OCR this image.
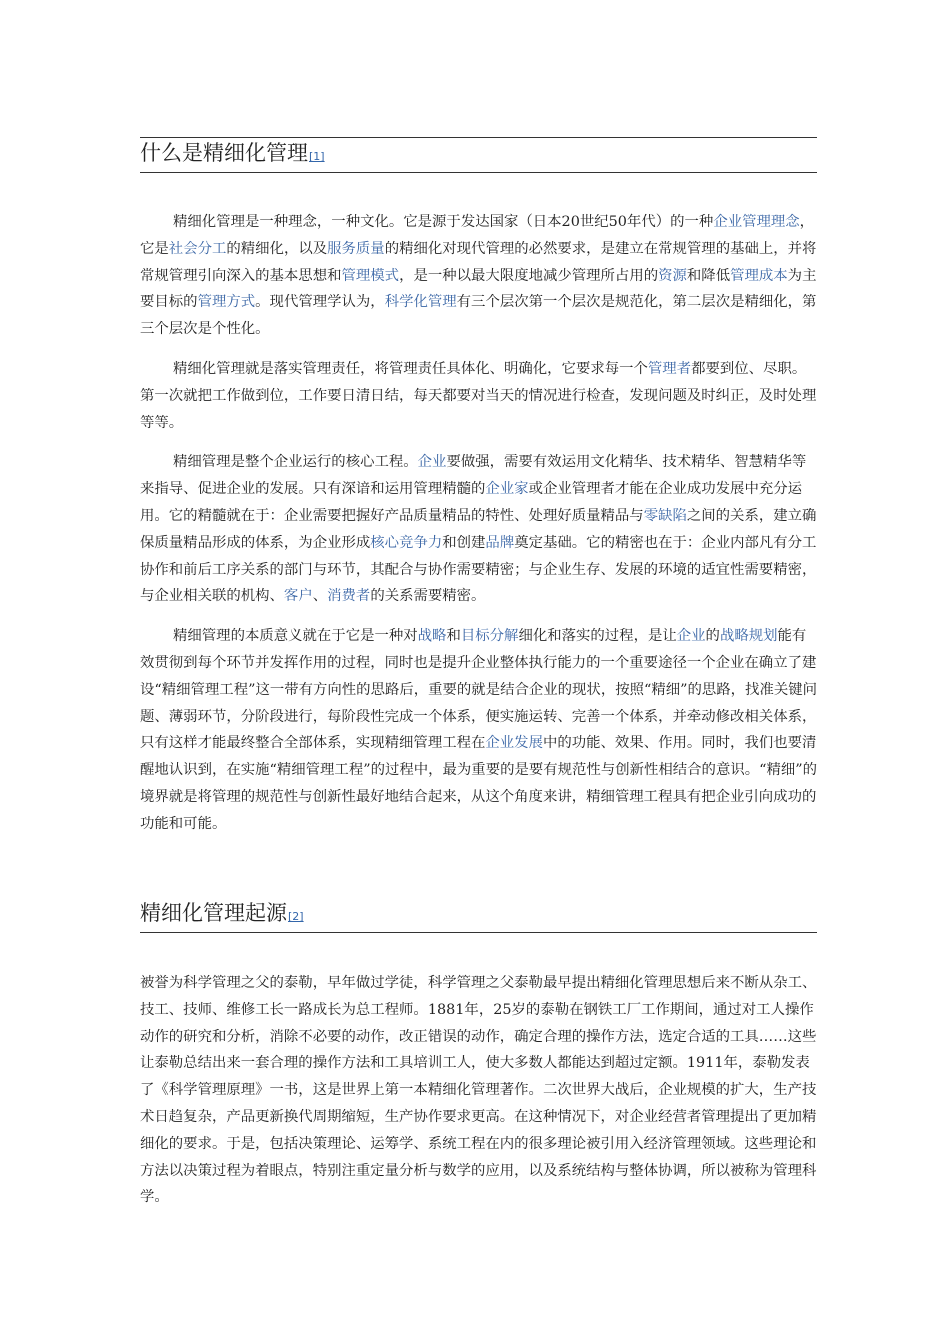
什么是精细化管理[1]

精细化管理是一种理念，一种文化。它是源于发达国家（日本20世纪50年代）的一种企业管理理念，它是社会分工的精细化，以及服务质量的精细化对现代管理的必然要求，是建立在常规管理的基础上，并将常规管理引向深入的基本思想和管理模式，是一种以最大限度地减少管理所占用的资源和降低管理成本为主要目标的管理方式。现代管理学认为，科学化管理有三个层次第一个层次是规范化，第二层次是精细化，第三个层次是个性化。

精细化管理就是落实管理责任，将管理责任具体化、明确化，它要求每一个管理者都要到位、尽职。第一次就把工作做到位，工作要日清日结，每天都要对当天的情况进行检查，发现问题及时纠正，及时处理等等。

精细管理是整个企业运行的核心工程。企业要做强，需要有效运用文化精华、技术精华、智慧精华等来指导、促进企业的发展。只有深谙和运用管理精髓的企业家或企业管理者才能在企业成功发展中充分运用。它的精髓就在于：企业需要把握好产品质量精品的特性、处理好质量精品与零缺陷之间的关系，建立确保质量精品形成的体系，为企业形成核心竞争力和创建品牌奠定基础。它的精密也在于：企业内部凡有分工协作和前后工序关系的部门与环节，其配合与协作需要精密；与企业生存、发展的环境的适宜性需要精密，与企业相关联的机构、客户、消费者的关系需要精密。

精细管理的本质意义就在于它是一种对战略和目标分解细化和落实的过程，是让企业的战略规划能有效贯彻到每个环节并发挥作用的过程，同时也是提升企业整体执行能力的一个重要途径一个企业在确立了建设“精细管理工程”这一带有方向性的思路后，重要的就是结合企业的现状，按照“精细”的思路，找准关键问题、薄弱环节，分阶段进行，每阶段性完成一个体系，便实施运转、完善一个体系，并牵动修改相关体系，只有这样才能最终整合全部体系，实现精细管理工程在企业发展中的功能、效果、作用。同时，我们也要清醒地认识到，在实施“精细管理工程”的过程中，最为重要的是要有规范性与创新性相结合的意识。“精细”的境界就是将管理的规范性与创新性最好地结合起来，从这个角度来讲，精细管理工程具有把企业引向成功的功能和可能。

精细化管理起源[2]

被誉为科学管理之父的泰勒，早年做过学徒，科学管理之父泰勒最早提出精细化管理思想后来不断从杂工、技工、技师、维修工长一路成长为总工程师。1881年，25岁的泰勒在钢铁工厂工作期间，通过对工人操作动作的研究和分析，消除不必要的动作，改正错误的动作，确定合理的操作方法，选定合适的工具……这些让泰勒总结出来一套合理的操作方法和工具培训工人，使大多数人都能达到超过定额。1911年，泰勒发表了《科学管理原理》一书，这是世界上第一本精细化管理著作。二次世界大战后，企业规模的扩大，生产技术日趋复杂，产品更新换代周期缩短，生产协作要求更高。在这种情况下，对企业经营者管理提出了更加精细化的要求。于是，包括决策理论、运筹学、系统工程在内的很多理论被引用入经济管理领域。这些理论和方法以决策过程为着眼点，特别注重定量分析与数学的应用，以及系统结构与整体协调，所以被称为管理科学。
